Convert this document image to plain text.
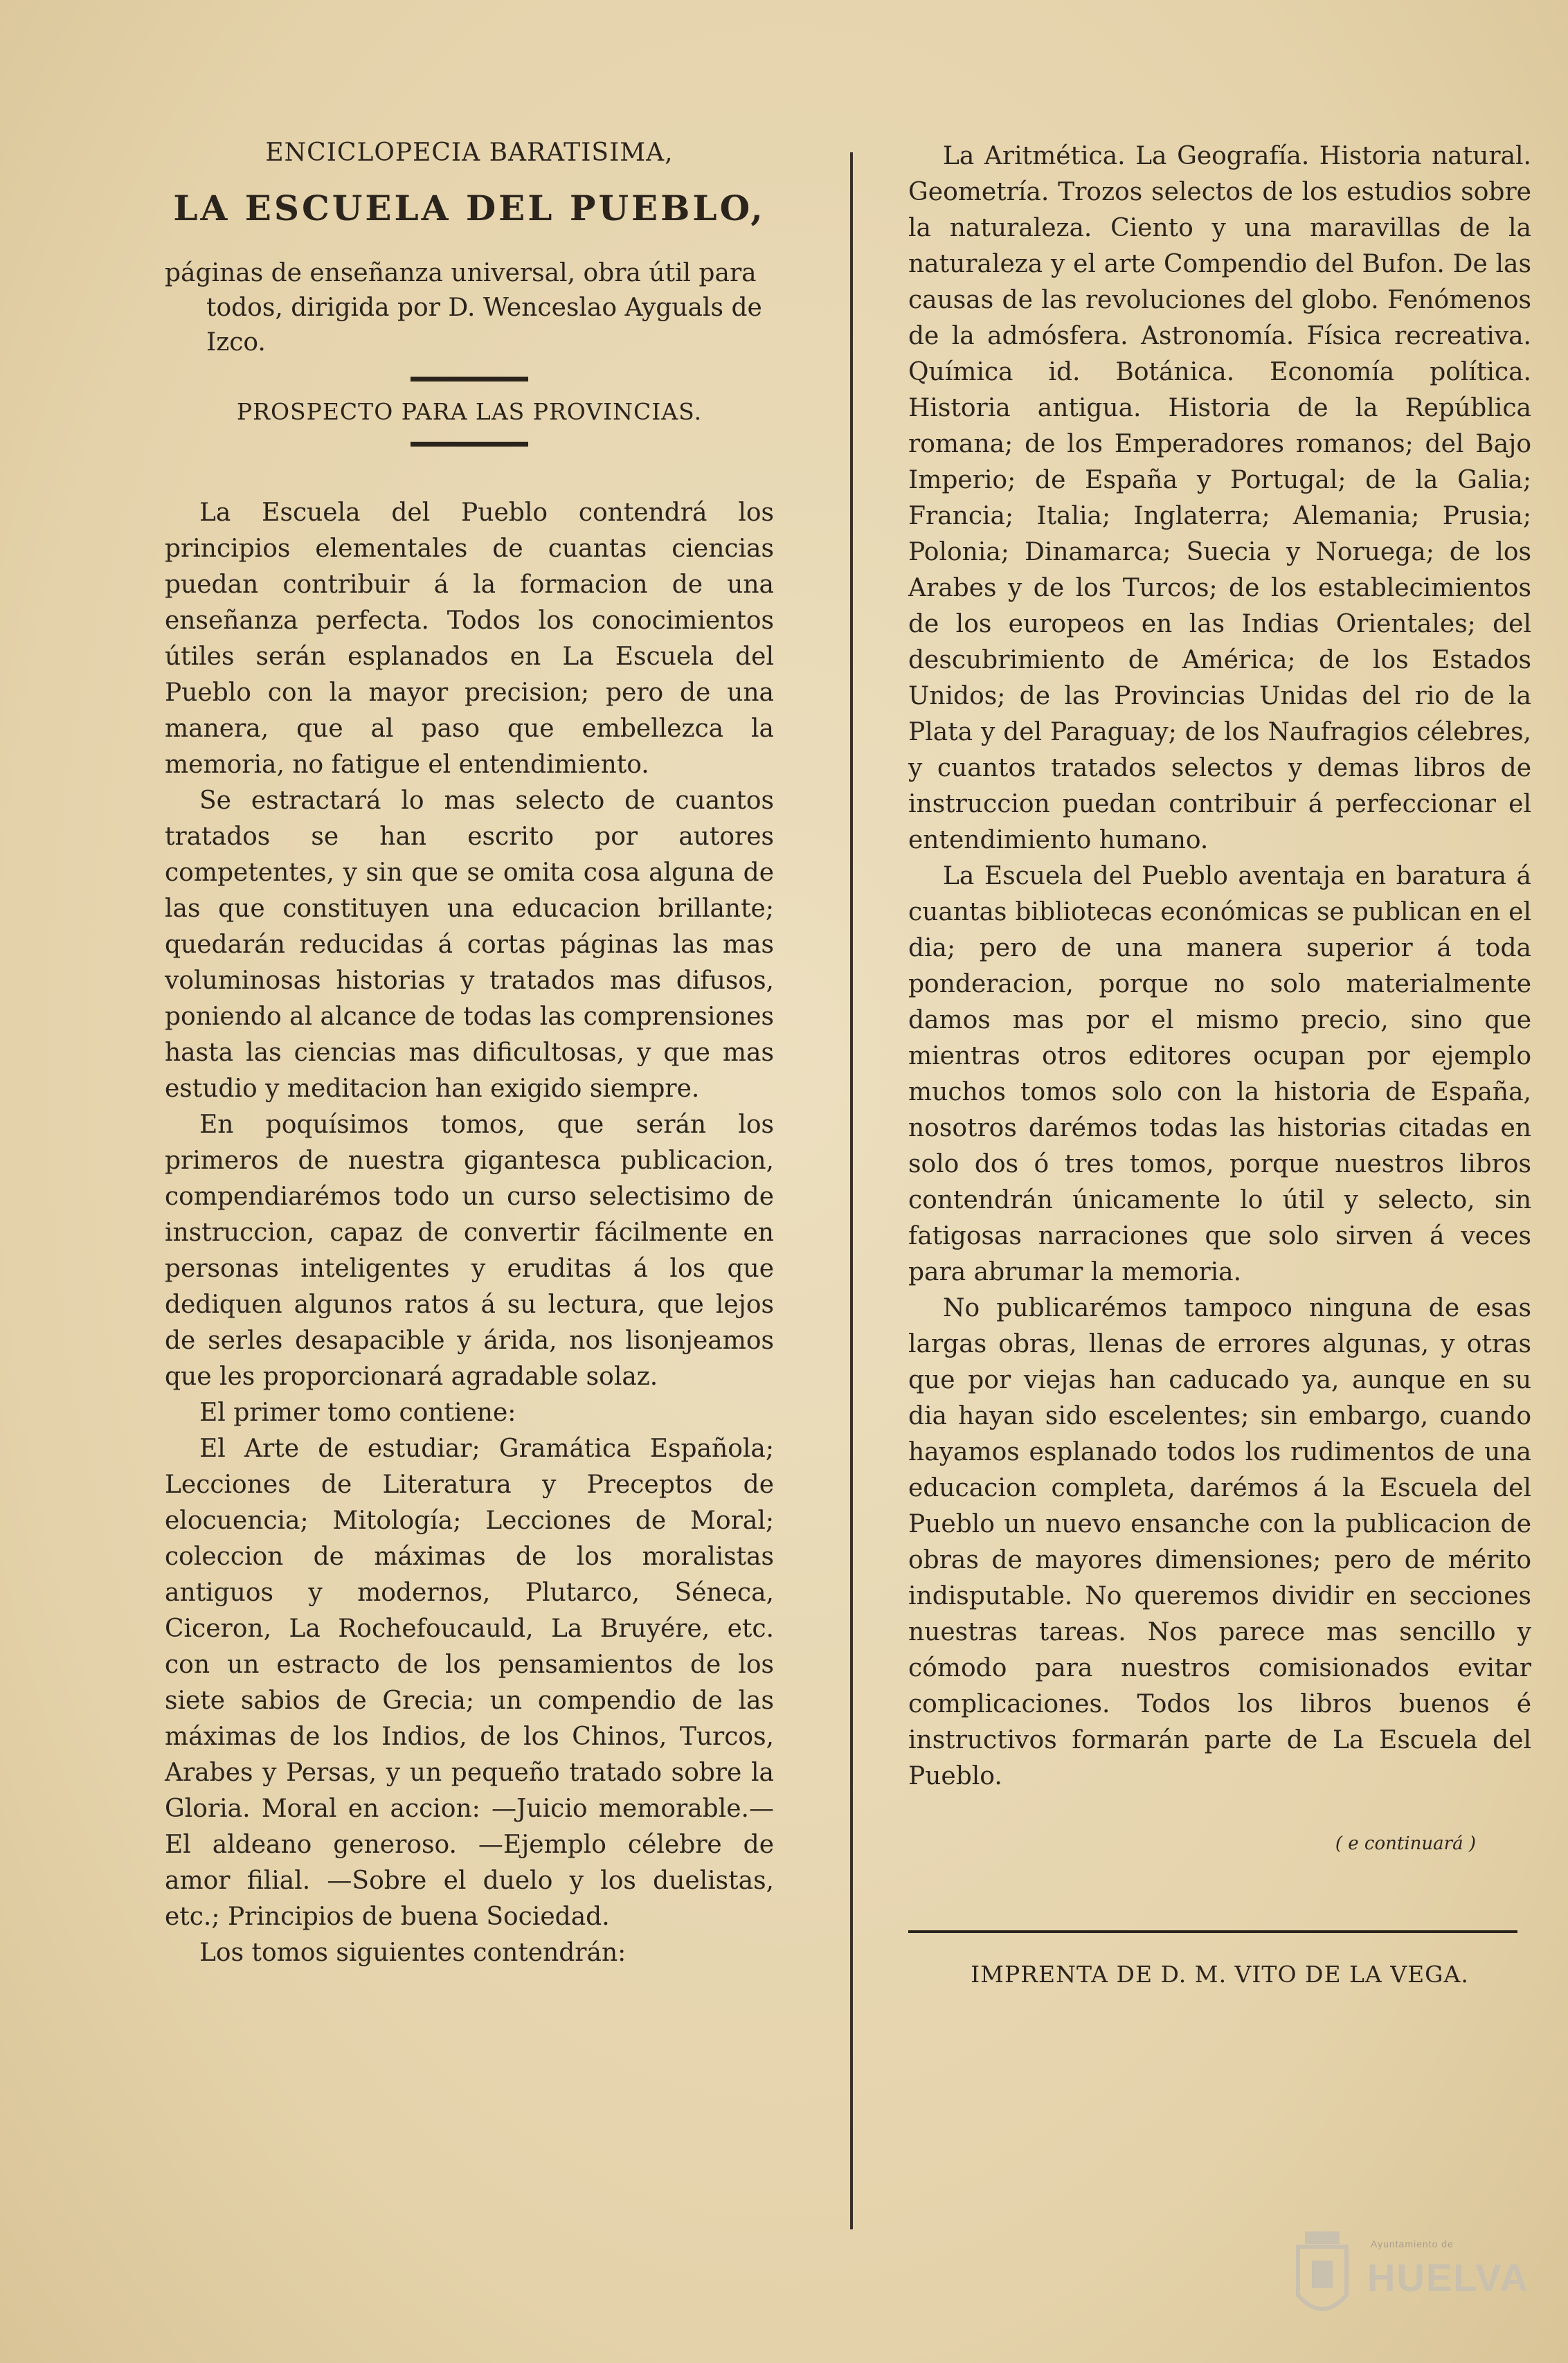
ENCICLOPECIA BARATISIMA,
LA ESCUELA DEL PUEBLO,

páginas de enseñanza universal, obra útil para todos, dirigida por D. Wenceslao Ayguals de Izco.

PROSPECTO PARA LAS PROVINCIAS.

La Escuela del Pueblo contendrá los principios elementales de cuantas ciencias puedan contribuir á la formacion de una enseñanza perfecta. Todos los conocimientos útiles serán esplanados en La Escuela del Pueblo con la mayor precision; pero de una manera, que al paso que embellezca la memoria, no fatigue el entendimiento.

Se estractará lo mas selecto de cuantos tratados se han escrito por autores competentes, y sin que se omita cosa alguna de las que constituyen una educacion brillante; quedarán reducidas á cortas páginas las mas voluminosas historias y tratados mas difusos, poniendo al alcance de todas las comprensiones hasta las ciencias mas dificultosas, y que mas estudio y meditacion han exigido siempre.

En poquísimos tomos, que serán los primeros de nuestra gigantesca publicacion, compendiarémos todo un curso selectisimo de instruccion, capaz de convertir fácilmente en personas inteligentes y eruditas á los que dediquen algunos ratos á su lectura, que lejos de serles desapacible y árida, nos lisonjeamos que les proporcionará agradable solaz.

El primer tomo contiene:

El Arte de estudiar; Gramática Española; Lecciones de Literatura y Preceptos de elocuencia; Mitología; Lecciones de Moral; coleccion de máximas de los moralistas antiguos y modernos, Plutarco, Séneca, Ciceron, La Rochefoucauld, La Bruyére, etc. con un estracto de los pensamientos de los siete sabios de Grecia; un compendio de las máximas de los Indios, de los Chinos, Turcos, Arabes y Persas, y un pequeño tratado sobre la Gloria. Moral en accion: —Juicio memorable.— El aldeano generoso. —Ejemplo célebre de amor filial. —Sobre el duelo y los duelistas, etc.; Principios de buena Sociedad.

Los tomos siguientes contendrán:

La Aritmética. La Geografía. Historia natural. Geometría. Trozos selectos de los estudios sobre la naturaleza. Ciento y una maravillas de la naturaleza y el arte Compendio del Bufon. De las causas de las revoluciones del globo. Fenómenos de la admósfera. Astronomía. Física recreativa. Química id. Botánica. Economía política. Historia antigua. Historia de la República romana; de los Emperadores romanos; del Bajo Imperio; de España y Portugal; de la Galia; Francia; Italia; Inglaterra; Alemania; Prusia; Polonia; Dinamarca; Suecia y Noruega; de los Arabes y de los Turcos; de los establecimientos de los europeos en las Indias Orientales; del descubrimiento de América; de los Estados Unidos; de las Provincias Unidas del rio de la Plata y del Paraguay; de los Naufragios célebres, y cuantos tratados selectos y demas libros de instruccion puedan contribuir á perfeccionar el entendimiento humano.

La Escuela del Pueblo aventaja en baratura á cuantas bibliotecas económicas se publican en el dia; pero de una manera superior á toda ponderacion, porque no solo materialmente damos mas por el mismo precio, sino que mientras otros editores ocupan por ejemplo muchos tomos solo con la historia de España, nosotros darémos todas las historias citadas en solo dos ó tres tomos, porque nuestros libros contendrán únicamente lo útil y selecto, sin fatigosas narraciones que solo sirven á veces para abrumar la memoria.

No publicarémos tampoco ninguna de esas largas obras, llenas de errores algunas, y otras que por viejas han caducado ya, aunque en su dia hayan sido escelentes; sin embargo, cuando hayamos esplanado todos los rudimentos de una educacion completa, darémos á la Escuela del Pueblo un nuevo ensanche con la publicacion de obras de mayores dimensiones; pero de mérito indisputable. No queremos dividir en secciones nuestras tareas. Nos parece mas sencillo y cómodo para nuestros comisionados evitar complicaciones. Todos los libros buenos é instructivos formarán parte de La Escuela del Pueblo.

( e continuará )
IMPRENTA DE D. M. VITO DE LA VEGA.
Ayuntamiento de
HUELVA
